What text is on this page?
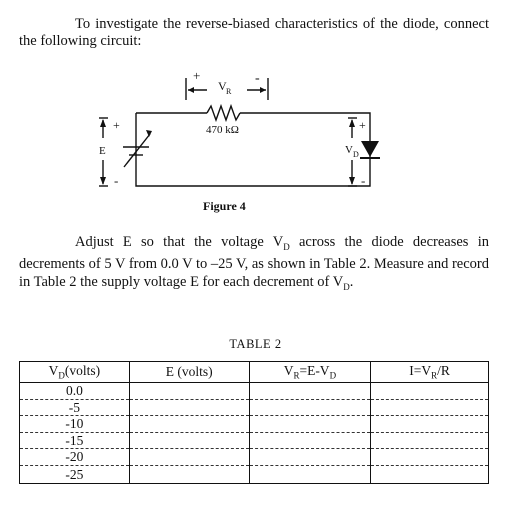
To investigate the reverse-biased characteristics of the diode, connect the following circuit:

+	-
V R
470 kΩ
+
E
-
+
V D
-
Figure 4

Adjust E so that the voltage $V_D$ across the diode decreases in decrements of 5 V from 0.0 V to –25 V, as shown in Table 2. Measure and record in Table 2 the supply voltage E for each decrement of $V_D$.

TABLE 2
$V_D(volts)$	E (volts)	$V_R=E-V_D$	$I=V_R/R$
0.0			
-5			
-10			
-15			
-20			
-25			
